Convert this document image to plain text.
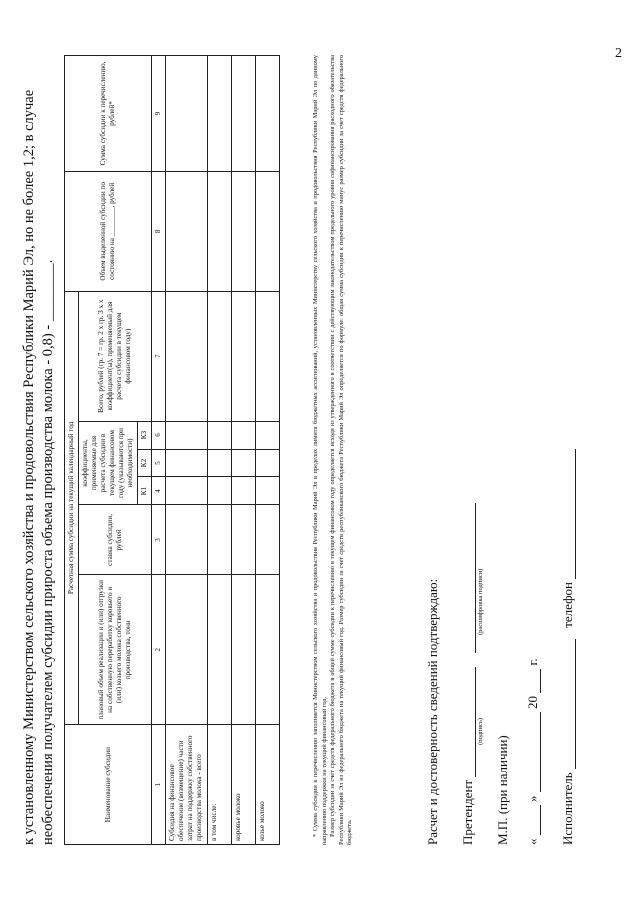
2
к установленному Министерством сельского хозяйства и продовольствия Республики Марий Эл, но не более 1,2; в случае необеспечения получателем субсидии прироста объема производства молока - 0,8) - ________.	Наименование субсидии	Расчетная сумма субсидии на текущий календарный год						Объем выделенной субсидии по состоянию на ________, рублей	Сумма субсидии к перечислению, рублей*
	плановый объем реализации и (или) отгрузки на собственную переработку коровьего и (или) козьего молока собственного производства, тонн	ставка субсидии, рублей	коэффициенты, применяемые для расчета субсидии в текущем финансовом году (указываются при необходимости)			Всего, рублей (гр. 7 = гр. 2 х гр. 3 х х коэффициент(ы), применяемый для расчета субсидии в текущем финансовом году)		
			К1	К2	К3			
1	2	3	4	5	6	7	8	9
Субсидия на финансовое обеспечение (возмещение) части затрат на поддержку собственного производства молока - всего								
в том числе:								
коровье молоко								
козье молоко									* Сумма субсидии к перечислению заполняется Министерством сельского хозяйства и продовольствия Республики Марий Эл в пределах лимита бюджетных ассигнований, установленных Министерству сельского хозяйства и продовольствия Республики Марий Эл по данному направлению поддержки на текущий финансовый год. Размер субсидии за счет средств федерального бюджета в общей сумме субсидии к перечислению в текущем финансовом году определяется исходя из утвержденного в соответствии с действующим законодательством предельного уровня софинансирования расходного обязательства Республики Марий Эл из федерального бюджета на текущий финансовый год. Размер субсидии за счет средств республиканского бюджета Республики Марий Эл определяется по формуле: общая сумма субсидии к перечислению минус размер субсидии за счет средств федерального бюджета.	Расчет и достоверность сведений подтверждаю: Претендент
(подпись)
(расшифровка подписи)
М.П. (при наличии) «  »  20  г.
Исполнитель  телефон
